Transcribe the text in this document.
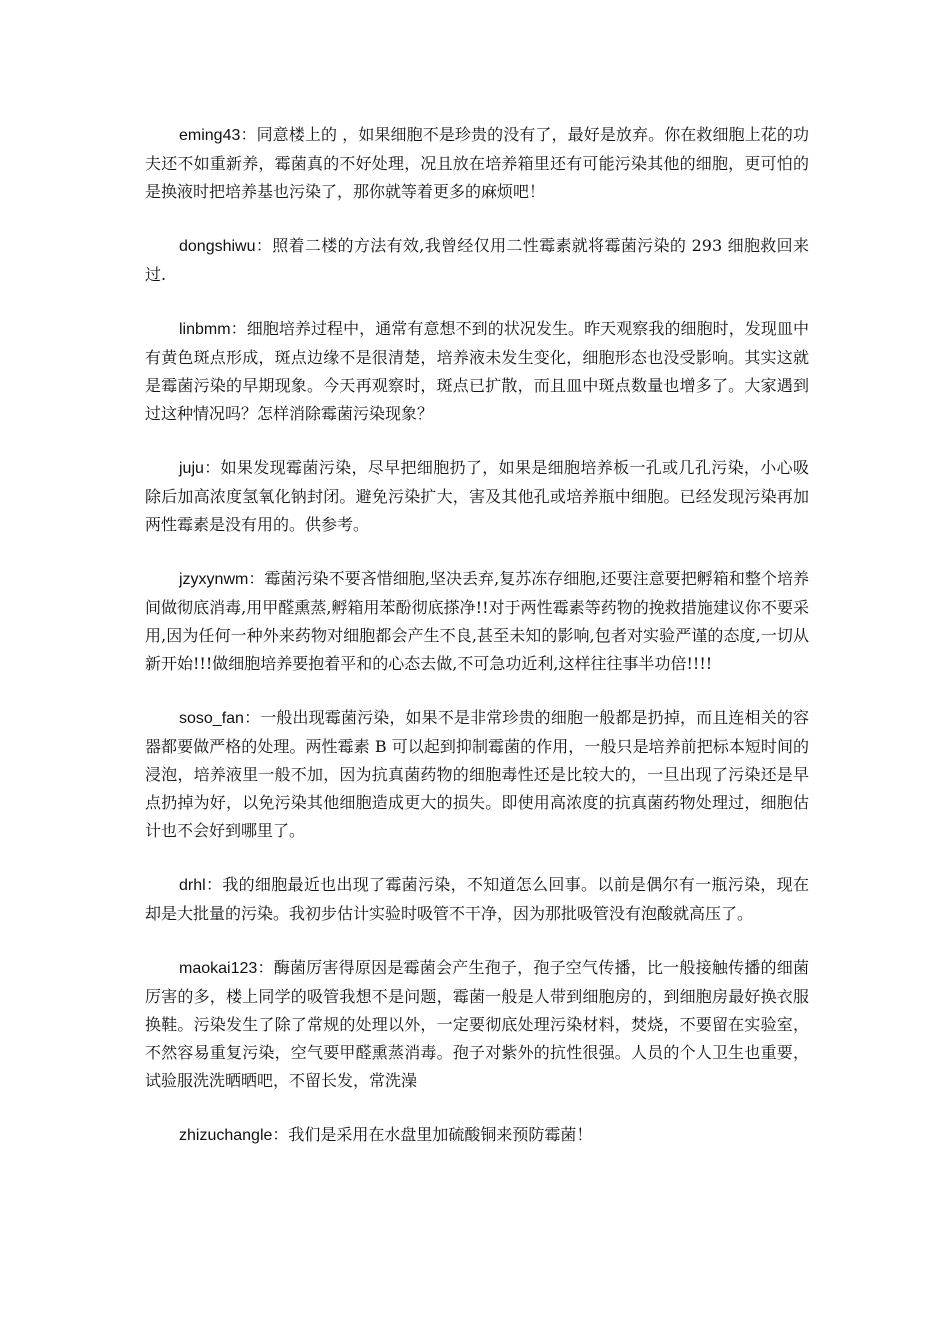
eming43：同意楼上的 ，如果细胞不是珍贵的没有了，最好是放弃。你在救细胞上花的功夫还不如重新养，霉菌真的不好处理，况且放在培养箱里还有可能污染其他的细胞，更可怕的是换液时把培养基也污染了，那你就等着更多的麻烦吧！

dongshiwu：照着二楼的方法有效,我曾经仅用二性霉素就将霉菌污染的 293 细胞救回来过.

linbmm：细胞培养过程中，通常有意想不到的状况发生。昨天观察我的细胞时，发现皿中有黄色斑点形成，斑点边缘不是很清楚，培养液未发生变化，细胞形态也没受影响。其实这就是霉菌污染的早期现象。今天再观察时，斑点已扩散，而且皿中斑点数量也增多了。大家遇到过这种情况吗？怎样消除霉菌污染现象？

juju：如果发现霉菌污染，尽早把细胞扔了，如果是细胞培养板一孔或几孔污染，小心吸除后加高浓度氢氧化钠封闭。避免污染扩大，害及其他孔或培养瓶中细胞。已经发现污染再加两性霉素是没有用的。供参考。

jzyxynwm：霉菌污染不要吝惜细胞,坚决丢弃,复苏冻存细胞,还要注意要把孵箱和整个培养间做彻底消毒,用甲醛熏蒸,孵箱用苯酚彻底搽净!!对于两性霉素等药物的挽救措施建议你不要采用,因为任何一种外来药物对细胞都会产生不良,甚至未知的影响,包者对实验严谨的态度,一切从新开始!!!做细胞培养要抱着平和的心态去做,不可急功近利,这样往往事半功倍!!!!

soso_fan：一般出现霉菌污染，如果不是非常珍贵的细胞一般都是扔掉，而且连相关的容器都要做严格的处理。两性霉素 B 可以起到抑制霉菌的作用，一般只是培养前把标本短时间的浸泡，培养液里一般不加，因为抗真菌药物的细胞毒性还是比较大的，一旦出现了污染还是早点扔掉为好，以免污染其他细胞造成更大的损失。即使用高浓度的抗真菌药物处理过，细胞估计也不会好到哪里了。

drhl：我的细胞最近也出现了霉菌污染，不知道怎么回事。以前是偶尔有一瓶污染，现在却是大批量的污染。我初步估计实验时吸管不干净，因为那批吸管没有泡酸就高压了。

maokai123：酶菌厉害得原因是霉菌会产生孢子，孢子空气传播，比一般接触传播的细菌厉害的多，楼上同学的吸管我想不是问题，霉菌一般是人带到细胞房的，到细胞房最好换衣服换鞋。污染发生了除了常规的处理以外，一定要彻底处理污染材料，焚烧，不要留在实验室，不然容易重复污染，空气要甲醛熏蒸消毒。孢子对紫外的抗性很强。人员的个人卫生也重要，试验服洗洗晒晒吧，不留长发，常洗澡

zhizuchangle：我们是采用在水盘里加硫酸铜来预防霉菌！
